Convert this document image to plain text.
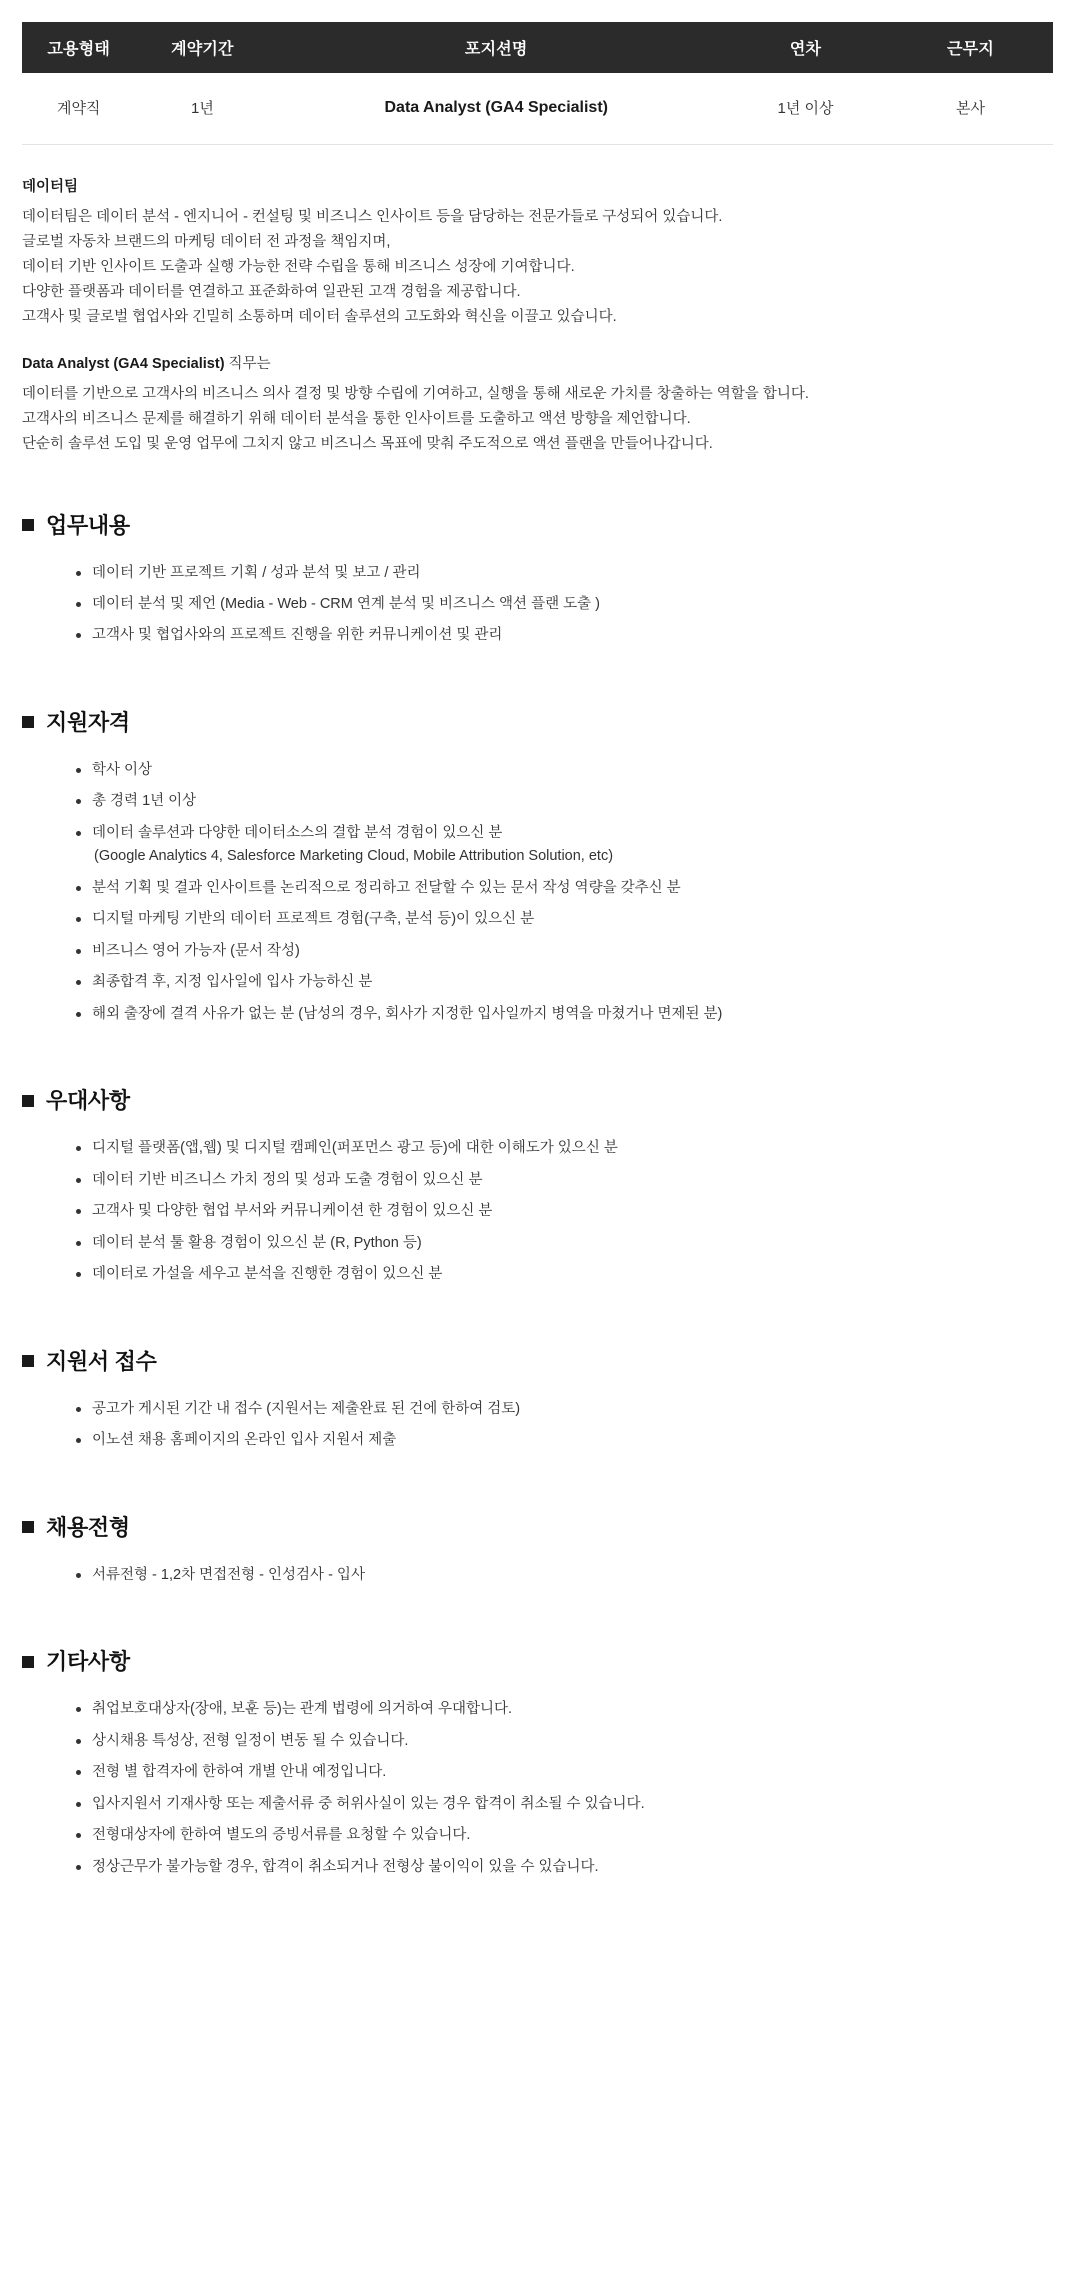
고용형태	계약기간	포지션명	연차	근무지
계약직	1년	Data Analyst (GA4 Specialist)	1년 이상	본사
데이터팀

데이터팀은 데이터 분석 - 엔지니어 - 컨설팅 및 비즈니스 인사이트 등을 담당하는 전문가들로 구성되어 있습니다.

글로벌 자동차 브랜드의 마케팅 데이터 전 과정을 책임지며,

데이터 기반 인사이트 도출과 실행 가능한 전략 수립을 통해 비즈니스 성장에 기여합니다.

다양한 플랫폼과 데이터를 연결하고 표준화하여 일관된 고객 경험을 제공합니다.

고객사 및 글로벌 협업사와 긴밀히 소통하며 데이터 솔루션의 고도화와 혁신을 이끌고 있습니다.

Data Analyst (GA4 Specialist) 직무는

데이터를 기반으로 고객사의 비즈니스 의사 결정 및 방향 수립에 기여하고, 실행을 통해 새로운 가치를 창출하는 역할을 합니다.

고객사의 비즈니스 문제를 해결하기 위해 데이터 분석을 통한 인사이트를 도출하고 액션 방향을 제언합니다.

단순히 솔루션 도입 및 운영 업무에 그치지 않고 비즈니스 목표에 맞춰 주도적으로 액션 플랜을 만들어나갑니다.

업무내용
데이터 기반 프로젝트 기획 / 성과 분석 및 보고 / 관리
데이터 분석 및 제언 (Media - Web - CRM 연계 분석 및 비즈니스 액션 플랜 도출 )
고객사 및 협업사와의 프로젝트 진행을 위한 커뮤니케이션 및 관리
지원자격
학사 이상
총 경력 1년 이상
데이터 솔루션과 다양한 데이터소스의 결합 분석 경험이 있으신 분
(Google Analytics 4, Salesforce Marketing Cloud, Mobile Attribution Solution, etc)
분석 기획 및 결과 인사이트를 논리적으로 정리하고 전달할 수 있는 문서 작성 역량을 갖추신 분
디지털 마케팅 기반의 데이터 프로젝트 경험(구축, 분석 등)이 있으신 분
비즈니스 영어 가능자 (문서 작성)
최종합격 후, 지정 입사일에 입사 가능하신 분
해외 출장에 결격 사유가 없는 분 (남성의 경우, 회사가 지정한 입사일까지 병역을 마쳤거나 면제된 분)
우대사항
디지털 플랫폼(앱,웹) 및 디지털 캠페인(퍼포먼스 광고 등)에 대한 이해도가 있으신 분
데이터 기반 비즈니스 가치 정의 및 성과 도출 경험이 있으신 분
고객사 및 다양한 협업 부서와 커뮤니케이션 한 경험이 있으신 분
데이터 분석 툴 활용 경험이 있으신 분 (R, Python 등)
데이터로 가설을 세우고 분석을 진행한 경험이 있으신 분
지원서 접수
공고가 게시된 기간 내 접수 (지원서는 제출완료 된 건에 한하여 검토)
이노션 채용 홈페이지의 온라인 입사 지원서 제출
채용전형
서류전형 - 1,2차 면접전형 - 인성검사 - 입사
기타사항
취업보호대상자(장애, 보훈 등)는 관계 법령에 의거하여 우대합니다.
상시채용 특성상, 전형 일정이 변동 될 수 있습니다.
전형 별 합격자에 한하여 개별 안내 예정입니다.
입사지원서 기재사항 또는 제출서류 중 허위사실이 있는 경우 합격이 취소될 수 있습니다.
전형대상자에 한하여 별도의 증빙서류를 요청할 수 있습니다.
정상근무가 불가능할 경우, 합격이 취소되거나 전형상 불이익이 있을 수 있습니다.
